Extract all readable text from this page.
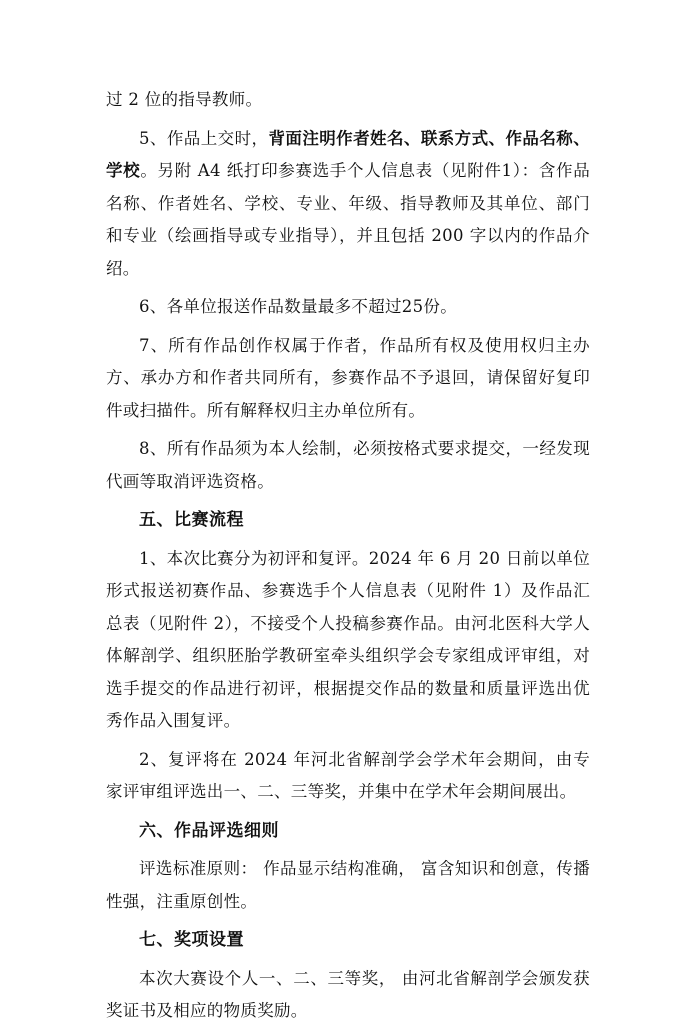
过 2 位的指导教师。

5、作品上交时，背面注明作者姓名、联系方式、作品名称、学校。另附 A4 纸打印参赛选手个人信息表（见附件1）：含作品名称、作者姓名、学校、专业、年级、指导教师及其单位、部门和专业（绘画指导或专业指导），并且包括 200 字以内的作品介绍。

6、各单位报送作品数量最多不超过25份。

7、所有作品创作权属于作者，作品所有权及使用权归主办方、承办方和作者共同所有，参赛作品不予退回，请保留好复印件或扫描件。所有解释权归主办单位所有。

8、所有作品须为本人绘制，必须按格式要求提交，一经发现代画等取消评选资格。

五、比赛流程

1、本次比赛分为初评和复评。2024 年 6 月 20 日前以单位形式报送初赛作品、参赛选手个人信息表（见附件 1）及作品汇总表（见附件 2），不接受个人投稿参赛作品。由河北医科大学人体解剖学、组织胚胎学教研室牵头组织学会专家组成评审组，对选手提交的作品进行初评，根据提交作品的数量和质量评选出优秀作品入围复评。

2、复评将在 2024 年河北省解剖学会学术年会期间，由专家评审组评选出一、二、三等奖，并集中在学术年会期间展出。

六、作品评选细则

评选标准原则： 作品显示结构准确， 富含知识和创意，传播性强，注重原创性。

七、奖项设置

本次大赛设个人一、二、三等奖， 由河北省解剖学会颁发获奖证书及相应的物质奖励。
